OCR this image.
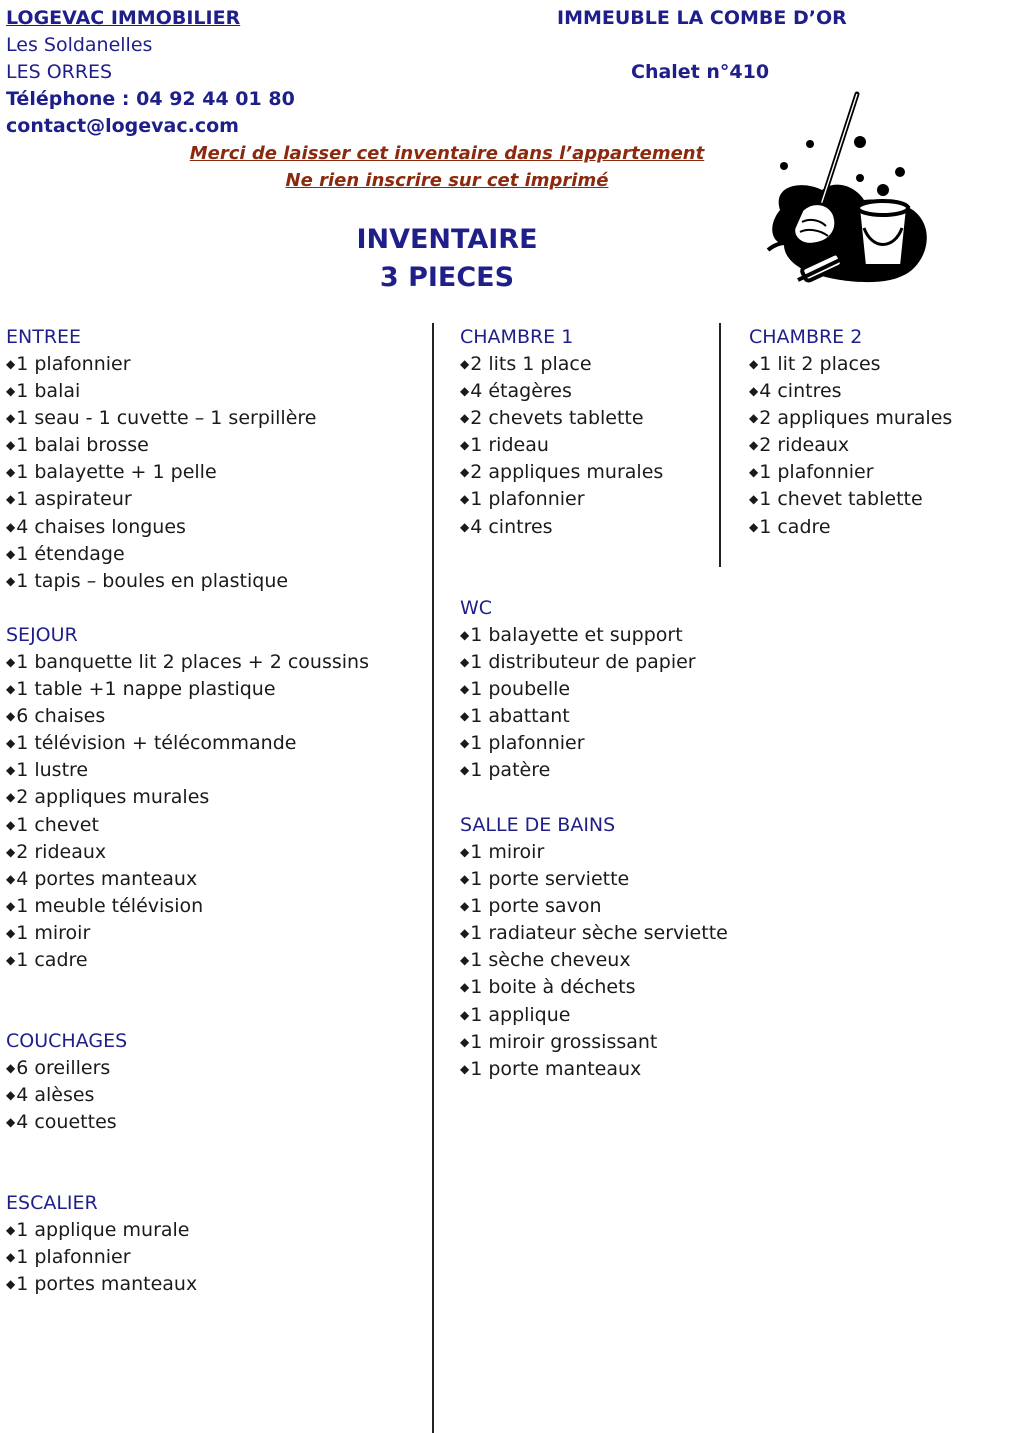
LOGEVAC IMMOBILIER
Les Soldanelles
LES ORRES
Téléphone : 04 92 44 01 80
contact@logevac.com
IMMEUBLE LA COMBE D’OR
Chalet n°410
Merci de laisser cet inventaire dans l’appartement
Ne rien inscrire sur cet imprimé
INVENTAIRE
3 PIECES
ENTREE
◆1 plafonnier
◆1 balai
◆1 seau - 1 cuvette – 1 serpillère
◆1 balai brosse
◆1 balayette + 1 pelle
◆1 aspirateur
◆4 chaises longues
◆1 étendage
◆1 tapis – boules en plastique
SEJOUR
◆1 banquette lit 2 places + 2 coussins
◆1 table +1 nappe plastique
◆6 chaises
◆1 télévision + télécommande
◆1 lustre
◆2 appliques murales
◆1 chevet
◆2 rideaux
◆4 portes manteaux
◆1 meuble télévision
◆1 miroir
◆1 cadre
COUCHAGES
◆6 oreillers
◆4 alèses
◆4 couettes
ESCALIER
◆1 applique murale
◆1 plafonnier
◆1 portes manteaux
CHAMBRE 1
◆2 lits 1 place
◆4 étagères
◆2 chevets tablette
◆1 rideau
◆2 appliques murales
◆1 plafonnier
◆4 cintres
WC
◆1 balayette et support
◆1 distributeur de papier
◆1 poubelle
◆1 abattant
◆1 plafonnier
◆1 patère
SALLE DE BAINS
◆1 miroir
◆1 porte serviette
◆1 porte savon
◆1 radiateur sèche serviette
◆1 sèche cheveux
◆1 boite à déchets
◆1 applique
◆1 miroir grossissant
◆1 porte manteaux
CHAMBRE 2
◆1 lit 2 places
◆4 cintres
◆2 appliques murales
◆2 rideaux
◆1 plafonnier
◆1 chevet tablette
◆1 cadre
